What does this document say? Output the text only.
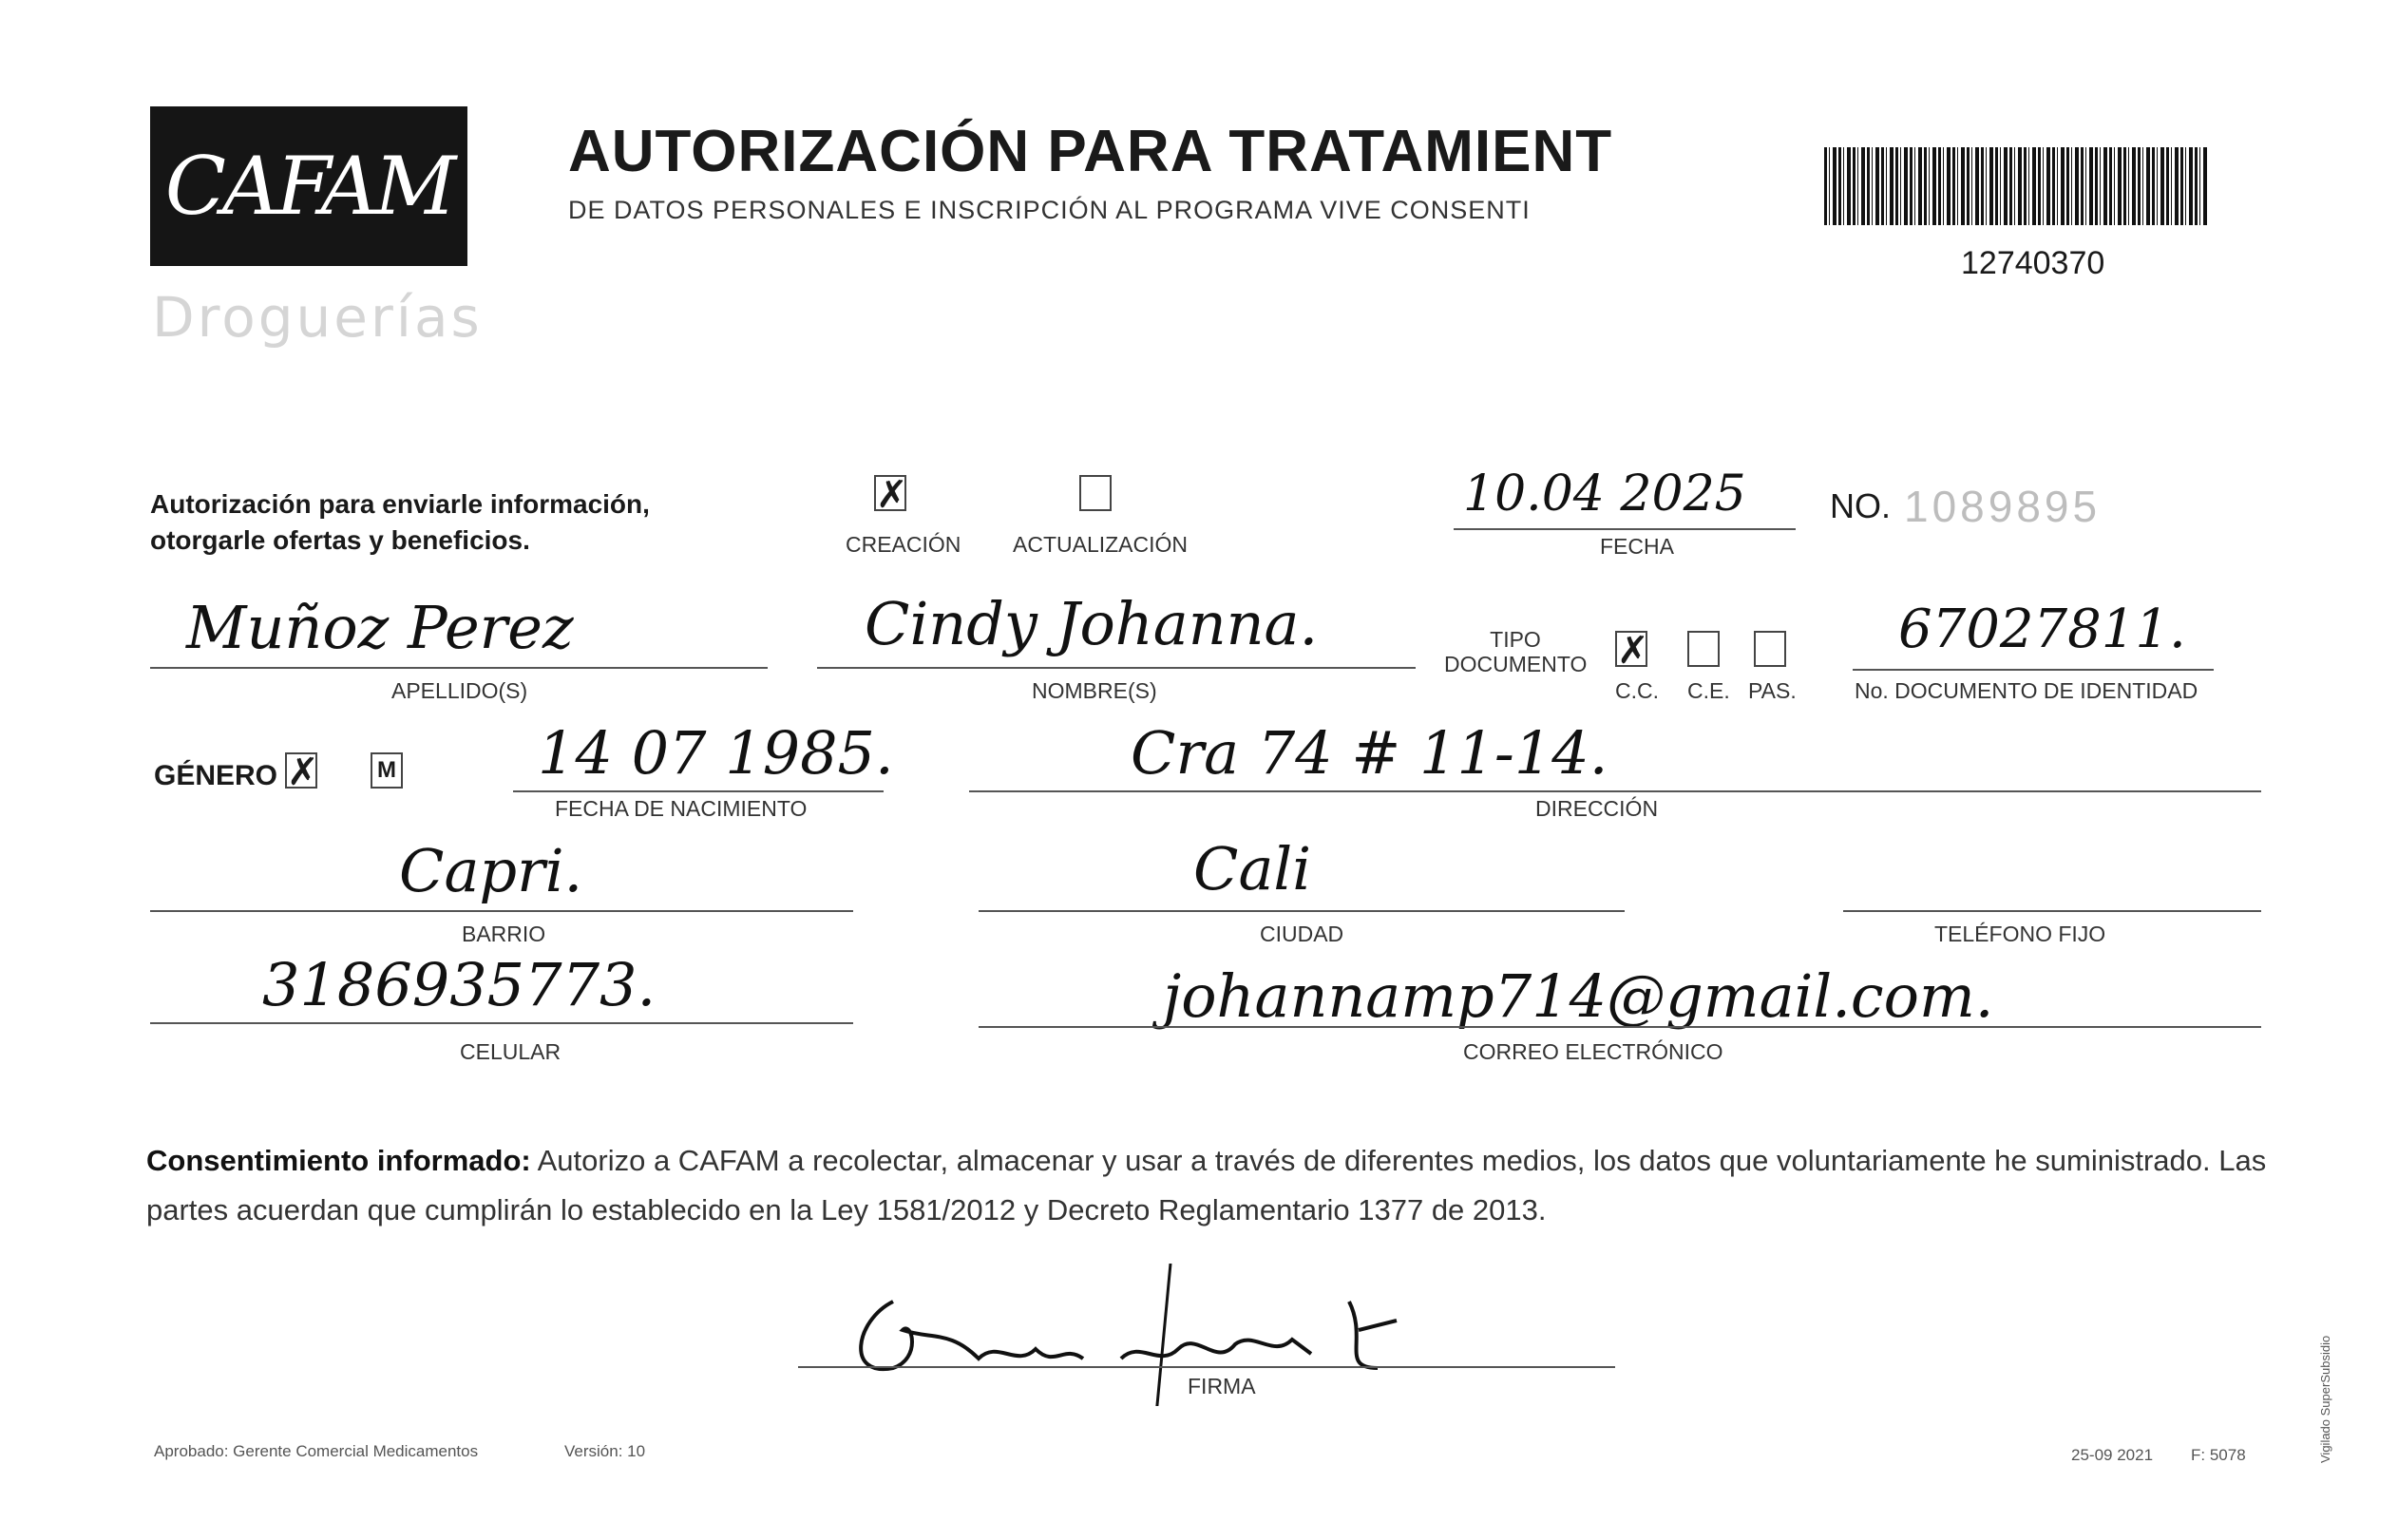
CAFAM
Droguerías
AUTORIZACIÓN PARA TRATAMIENT
DE DATOS PERSONALES E INSCRIPCIÓN AL PROGRAMA VIVE CONSENTI
12740370
Autorización para enviarle información, otorgarle ofertas y beneficios.
✗
CREACIÓN ACTUALIZACIÓN
10.04 2025
FECHA
NO. 1089895
Muñoz Perez
APELLIDO(S)
Cindy Johanna.
NOMBRE(S)
TIPO DOCUMENTO ✗
C.C. C.E. PAS.
67027811.
No. DOCUMENTO DE IDENTIDAD
GÉNERO ✗	M 14 07 1985.
FECHA DE NACIMIENTO
Cra 74 # 11-14.
DIRECCIÓN
Capri.
BARRIO
Cali
CIUDAD	TELÉFONO FIJO
3186935773.
CELULAR
johannamp714@gmail.com.
CORREO ELECTRÓNICO
Consentimiento informado: Autorizo a CAFAM a recolectar, almacenar y usar a través de diferentes medios, los datos que voluntariamente he suministrado. Las partes acuerdan que cumplirán lo establecido en la Ley 1581/2012 y Decreto Reglamentario 1377 de 2013.
FIRMA
Aprobado: Gerente Comercial Medicamentos	Versión: 10	25-09 2021 F: 5078	Vigilado SuperSubsidio
